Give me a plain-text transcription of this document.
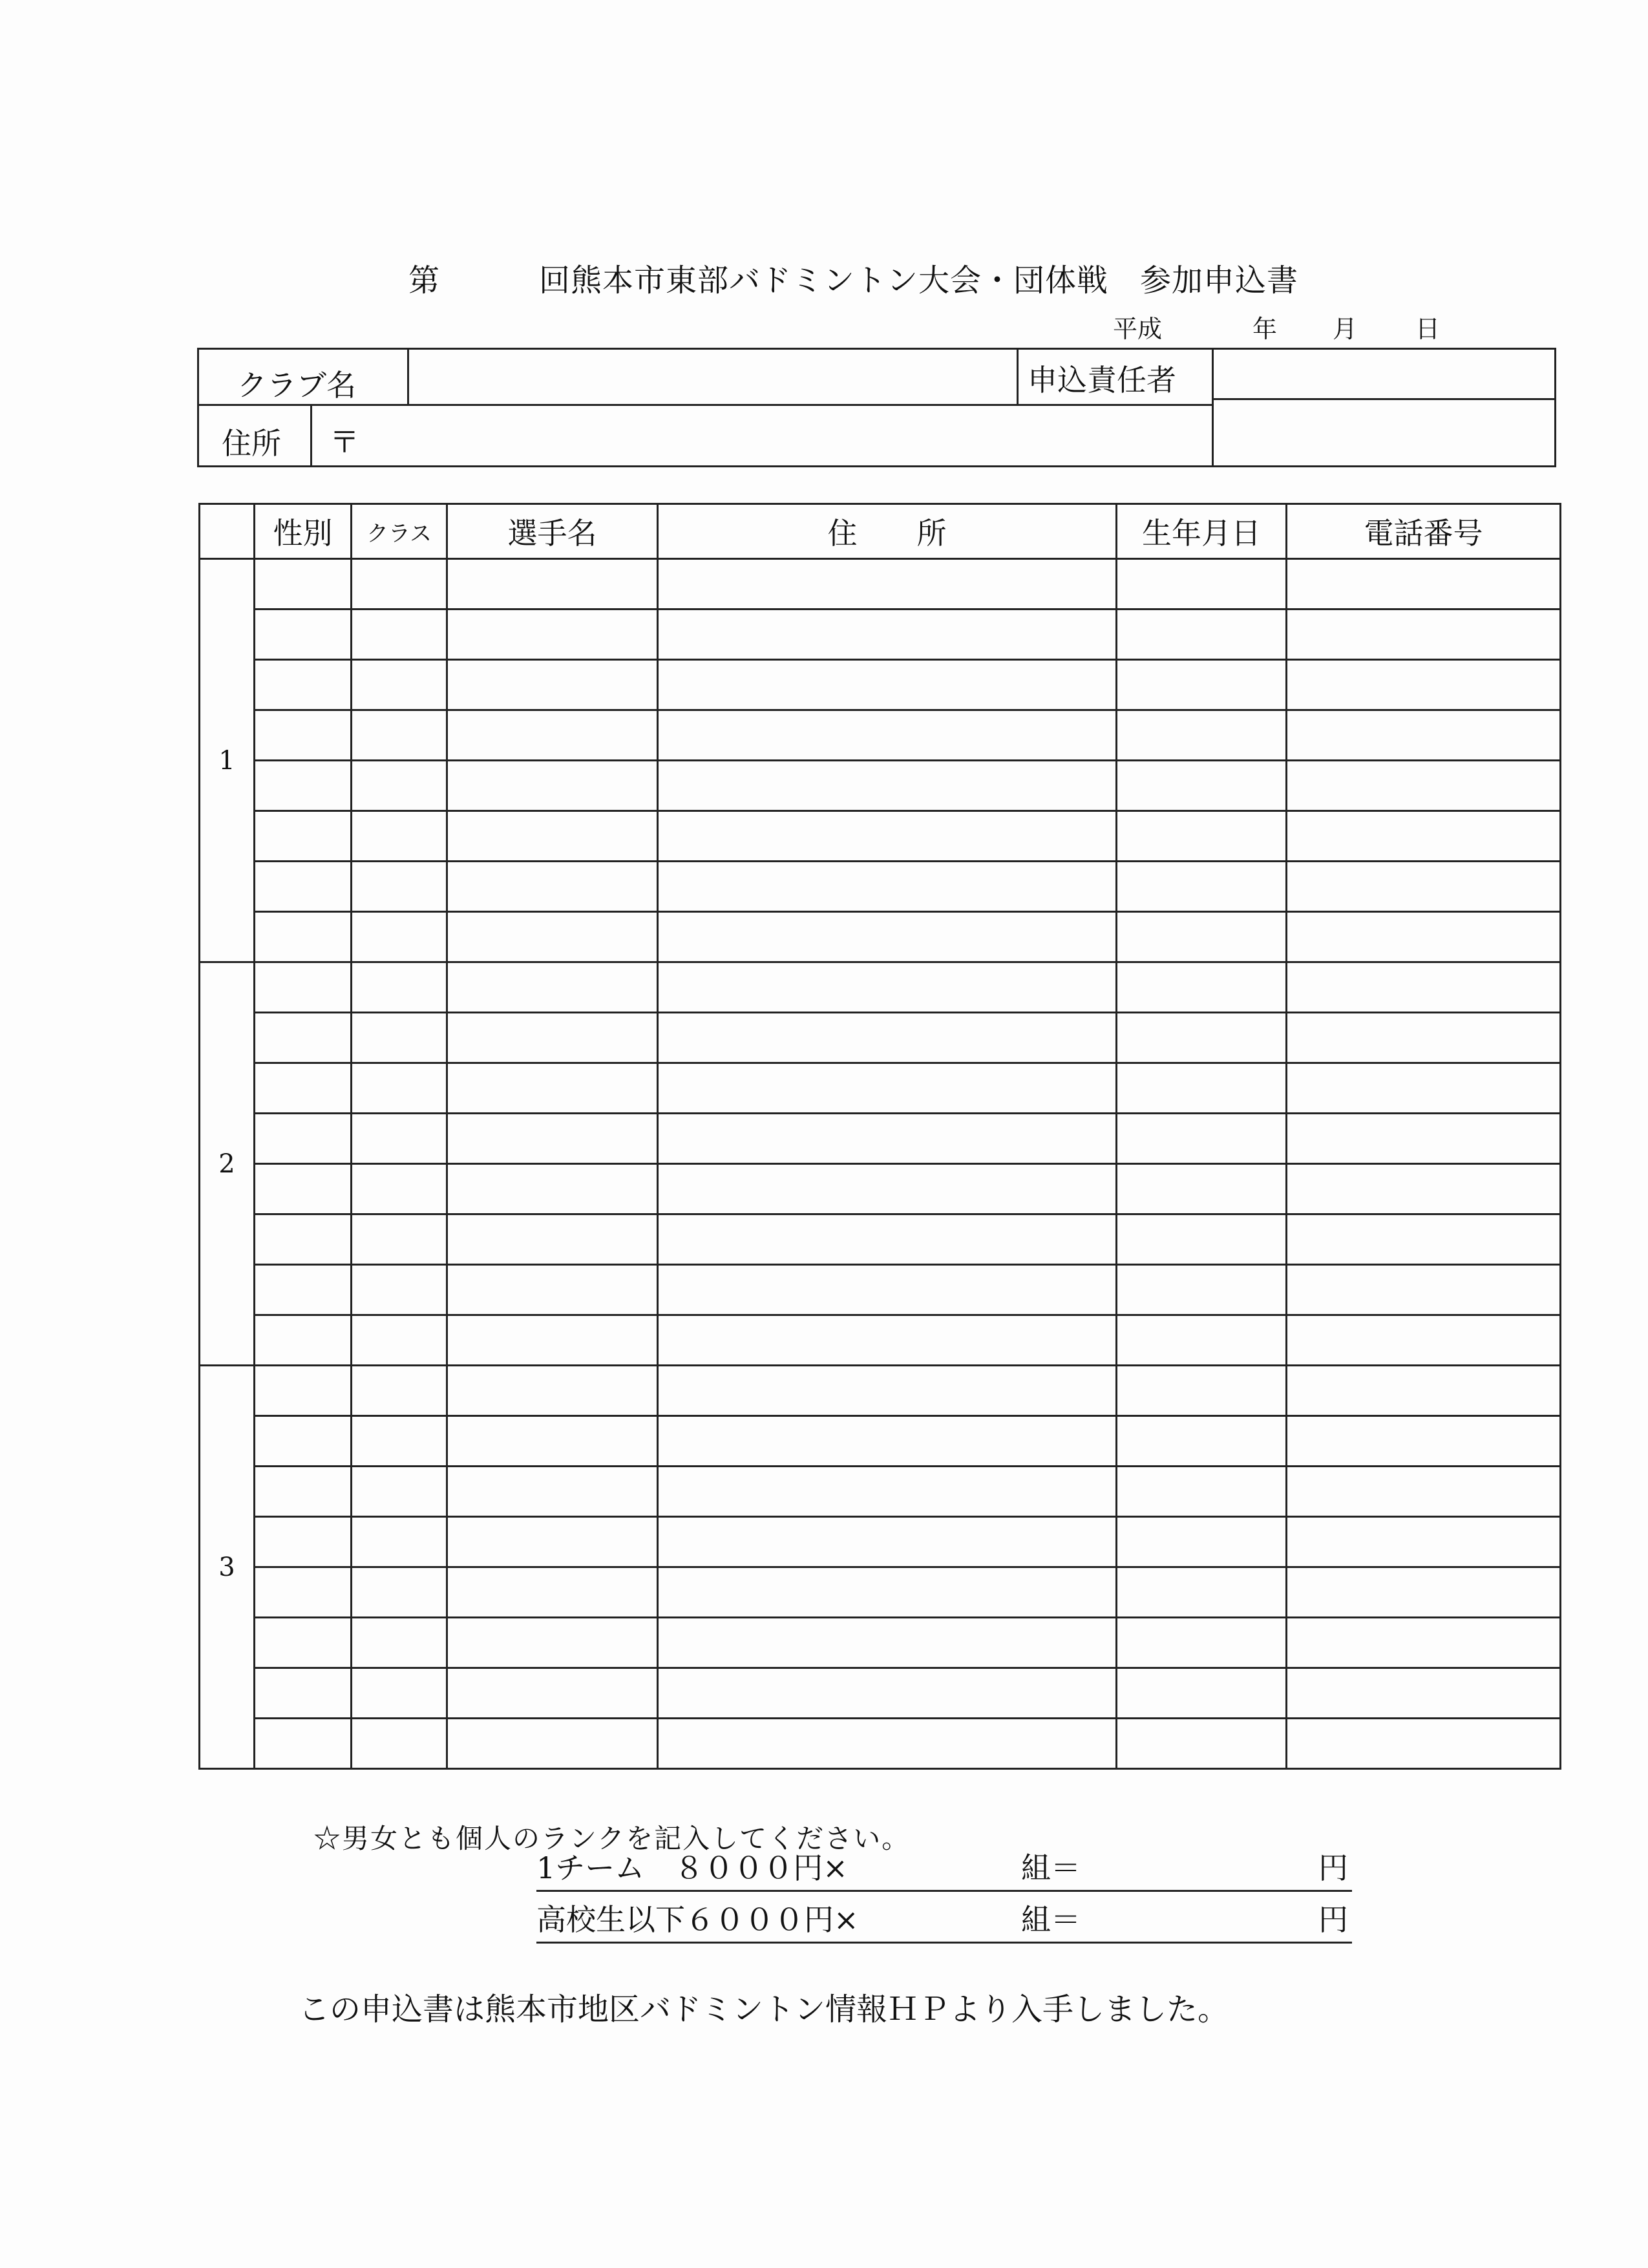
第	回熊本市東部バドミントン大会・団体戦　参加申込書
平成	年 月 日
クラブ名	申込責任者
住所 〒
	性別	クラス	選手名	住　　所	生年月日	電話番号
1						

2						

3						

☆男女とも個人のランクを記入してください。
1チーム　８０００円×	組＝	円
高校生以下６０００円×	組＝	円
この申込書は熊本市地区バドミントン情報ＨＰより入手しました。
